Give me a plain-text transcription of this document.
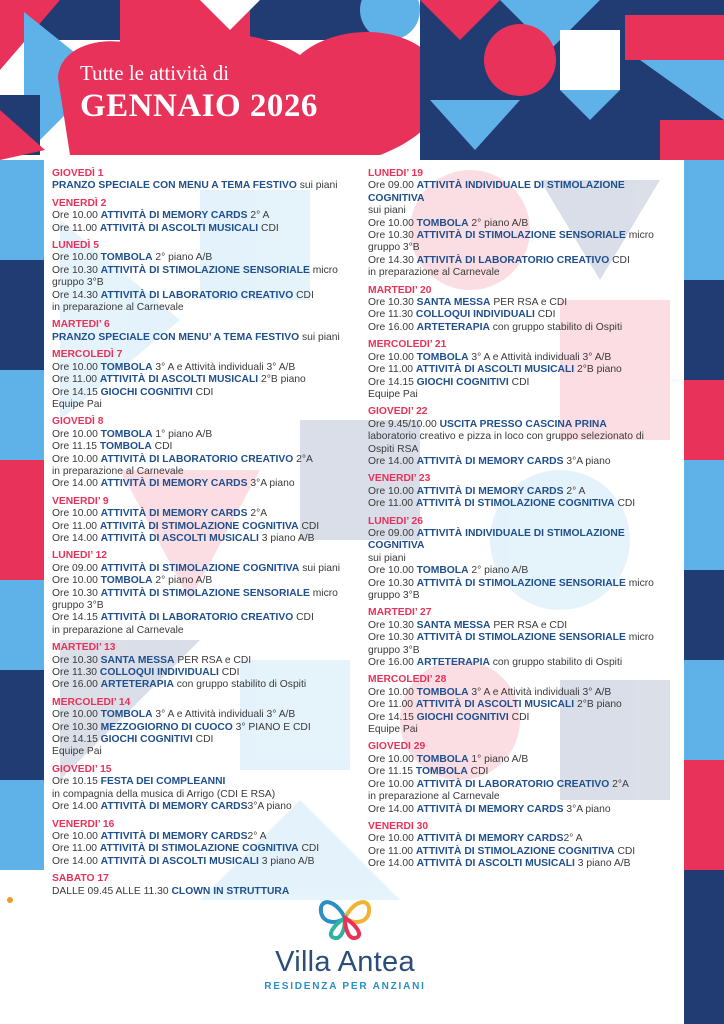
Tutte le attività di
GENNAIO 2026
GIOVEDÌ 1
PRANZO SPECIALE CON MENU A TEMA FESTIVO sui piani
VENERDÌ 2
Ore 10.00 ATTIVITÀ DI MEMORY CARDS 2° A
Ore 11.00 ATTIVITÀ DI ASCOLTI MUSICALI CDI
LUNEDÌ 5
Ore 10.00 TOMBOLA 2° piano A/B
Ore 10.30 ATTIVITÀ DI STIMOLAZIONE SENSORIALE micro gruppo 3°B
Ore 14.30 ATTIVITÀ DI LABORATORIO CREATIVO CDI
in preparazione al Carnevale
MARTEDI’ 6
PRANZO SPECIALE CON MENU’ A TEMA FESTIVO sui piani
MERCOLEDÌ 7
Ore 10.00 TOMBOLA 3° A e Attività individuali 3° A/B
Ore 11.00 ATTIVITÀ DI ASCOLTI MUSICALI 2°B piano
Ore 14.15 GIOCHI COGNITIVI CDI
Equipe Pai
GIOVEDÌ 8
Ore 10.00 TOMBOLA 1° piano A/B
Ore 11.15 TOMBOLA CDI
Ore 10.00 ATTIVITÀ DI LABORATORIO CREATIVO 2°A
in preparazione al Carnevale
Ore 14.00 ATTIVITÀ DI MEMORY CARDS 3°A piano
VENERDI’ 9
Ore 10.00 ATTIVITÀ DI MEMORY CARDS 2°A
Ore 11.00 ATTIVITÀ DI STIMOLAZIONE COGNITIVA CDI
Ore 14.00 ATTIVITÀ DI ASCOLTI MUSICALI 3 piano A/B
LUNEDI’ 12
Ore 09.00 ATTIVITÀ DI STIMOLAZIONE COGNITIVA sui piani
Ore 10.00 TOMBOLA 2° piano A/B
Ore 10.30 ATTIVITÀ DI STIMOLAZIONE SENSORIALE micro gruppo 3°B
Ore 14.15 ATTIVITÀ DI LABORATORIO CREATIVO CDI
in preparazione al Carnevale
MARTEDI’ 13
Ore 10.30 SANTA MESSA PER RSA e CDI
Ore 11.30 COLLOQUI INDIVIDUALI CDI
Ore 16.00 ARTETERAPIA con gruppo stabilito di Ospiti
MERCOLEDI’ 14
Ore 10.00 TOMBOLA 3° A e Attività individuali 3° A/B
Ore 10.30 MEZZOGIORNO DI CUOCO 3° PIANO E CDI
Ore 14.15 GIOCHI COGNITIVI CDI
Equipe Pai
GIOVEDI’ 15
Ore 10.15 FESTA DEI COMPLEANNI
in compagnia della musica di Arrigo (CDI E RSA)
Ore 14.00 ATTIVITÀ DI MEMORY CARDS3°A piano
VENERDI’ 16
Ore 10.00 ATTIVITÀ DI MEMORY CARDS2° A
Ore 11.00 ATTIVITÀ DI STIMOLAZIONE COGNITIVA CDI
Ore 14.00 ATTIVITÀ DI ASCOLTI MUSICALI 3 piano A/B
SABATO 17
DALLE 09.45 ALLE 11.30 CLOWN IN STRUTTURA
LUNEDI’ 19
Ore 09.00 ATTIVITÀ INDIVIDUALE DI STIMOLAZIONE COGNITIVA
sui piani
Ore 10.00 TOMBOLA 2° piano A/B
Ore 10.30 ATTIVITÀ DI STIMOLAZIONE SENSORIALE micro gruppo 3°B
Ore 14.30 ATTIVITÀ DI LABORATORIO CREATIVO CDI
in preparazione al Carnevale
MARTEDI’ 20
Ore 10.30 SANTA MESSA PER RSA e CDI
Ore 11.30 COLLOQUI INDIVIDUALI CDI
Ore 16.00 ARTETERAPIA con gruppo stabilito di Ospiti
MERCOLEDI’ 21
Ore 10.00 TOMBOLA 3° A e Attività individuali 3° A/B
Ore 11.00 ATTIVITÀ DI ASCOLTI MUSICALI 2°B piano
Ore 14.15 GIOCHI COGNITIVI CDI
Equipe Pai
GIOVEDI’ 22
Ore 9.45/10.00 USCITA PRESSO CASCINA PRINA
laboratorio creativo e pizza in loco con gruppo selezionato di Ospiti RSA
Ore 14.00 ATTIVITÀ DI MEMORY CARDS 3°A piano
VENERDI’ 23
Ore 10.00 ATTIVITÀ DI MEMORY CARDS 2° A
Ore 11.00 ATTIVITÀ DI STIMOLAZIONE COGNITIVA CDI
LUNEDI’ 26
Ore 09.00 ATTIVITÀ INDIVIDUALE DI STIMOLAZIONE COGNITIVA
sui piani
Ore 10.00 TOMBOLA 2° piano A/B
Ore 10.30 ATTIVITÀ DI STIMOLAZIONE SENSORIALE micro gruppo 3°B
MARTEDI’ 27
Ore 10.30 SANTA MESSA PER RSA e CDI
Ore 10.30 ATTIVITÀ DI STIMOLAZIONE SENSORIALE micro gruppo 3°B
Ore 16.00 ARTETERAPIA con gruppo stabilito di Ospiti
MERCOLEDI’ 28
Ore 10.00 TOMBOLA 3° A e Attività individuali 3° A/B
Ore 11.00 ATTIVITÀ DI ASCOLTI MUSICALI 2°B piano
Ore 14.15 GIOCHI COGNITIVI CDI
Equipe Pai
GIOVEDI 29
Ore 10.00 TOMBOLA 1° piano A/B
Ore 11.15 TOMBOLA CDI
Ore 10.00 ATTIVITÀ DI LABORATORIO CREATIVO 2°A
in preparazione al Carnevale
Ore 14.00 ATTIVITÀ DI MEMORY CARDS 3°A piano
VENERDI 30
Ore 10.00 ATTIVITÀ DI MEMORY CARDS2° A
Ore 11.00 ATTIVITÀ DI STIMOLAZIONE COGNITIVA CDI
Ore 14.00 ATTIVITÀ DI ASCOLTI MUSICALI 3 piano A/B
Villa Antea
RESIDENZA PER ANZIANI
